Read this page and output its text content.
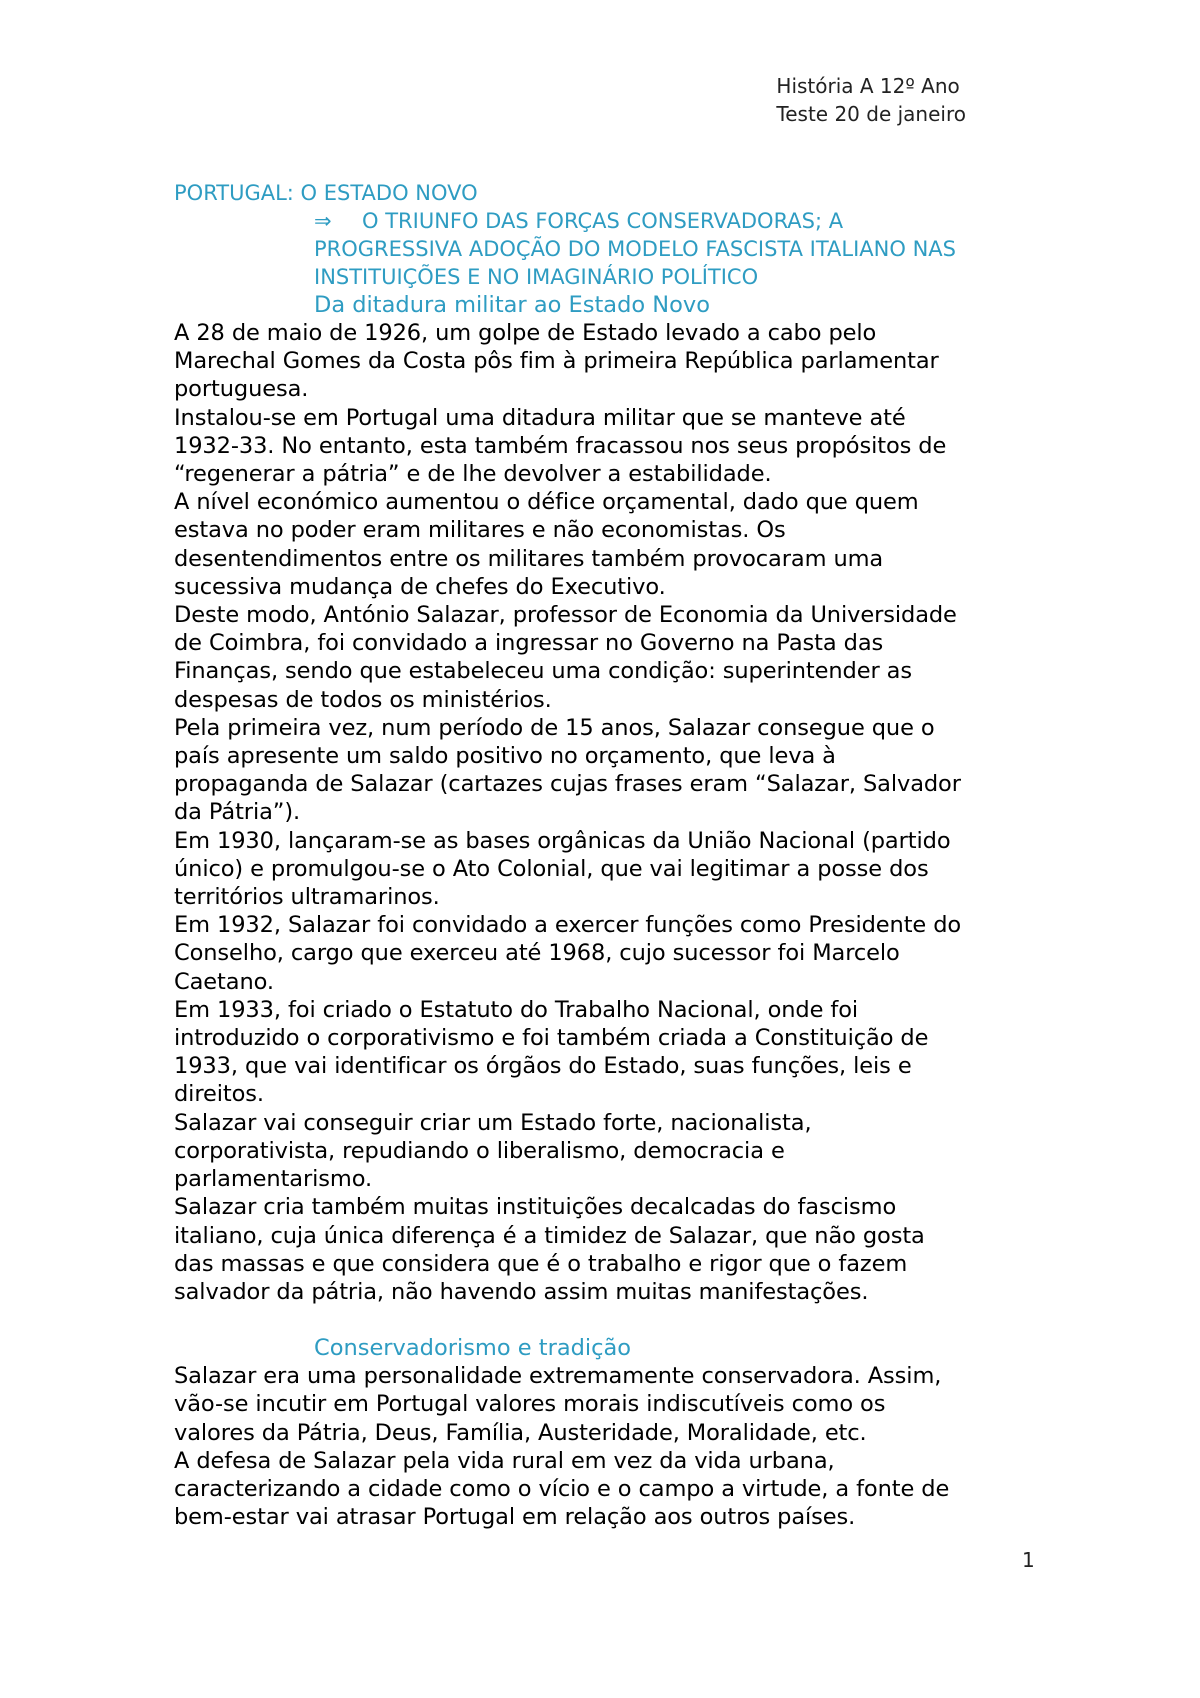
História A 12º Ano
Teste 20 de janeiro
PORTUGAL: O ESTADO NOVO
⇒ O TRIUNFO DAS FORÇAS CONSERVADORAS; A
PROGRESSIVA ADOÇÃO DO MODELO FASCISTA ITALIANO NAS
INSTITUIÇÕES E NO IMAGINÁRIO POLÍTICO
Da ditadura militar ao Estado Novo
A 28 de maio de 1926, um golpe de Estado levado a cabo pelo
Marechal Gomes da Costa pôs fim à primeira República parlamentar
portuguesa.
Instalou-se em Portugal uma ditadura militar que se manteve até
1932-33. No entanto, esta também fracassou nos seus propósitos de
“regenerar a pátria” e de lhe devolver a estabilidade.
A nível económico aumentou o défice orçamental, dado que quem
estava no poder eram militares e não economistas. Os
desentendimentos entre os militares também provocaram uma
sucessiva mudança de chefes do Executivo.
Deste modo, António Salazar, professor de Economia da Universidade
de Coimbra, foi convidado a ingressar no Governo na Pasta das
Finanças, sendo que estabeleceu uma condição: superintender as
despesas de todos os ministérios.
Pela primeira vez, num período de 15 anos, Salazar consegue que o
país apresente um saldo positivo no orçamento, que leva à
propaganda de Salazar (cartazes cujas frases eram “Salazar, Salvador
da Pátria”).
Em 1930, lançaram-se as bases orgânicas da União Nacional (partido
único) e promulgou-se o Ato Colonial, que vai legitimar a posse dos
territórios ultramarinos.
Em 1932, Salazar foi convidado a exercer funções como Presidente do
Conselho, cargo que exerceu até 1968, cujo sucessor foi Marcelo
Caetano.
Em 1933, foi criado o Estatuto do Trabalho Nacional, onde foi
introduzido o corporativismo e foi também criada a Constituição de
1933, que vai identificar os órgãos do Estado, suas funções, leis e
direitos.
Salazar vai conseguir criar um Estado forte, nacionalista,
corporativista, repudiando o liberalismo, democracia e
parlamentarismo.
Salazar cria também muitas instituições decalcadas do fascismo
italiano, cuja única diferença é a timidez de Salazar, que não gosta
das massas e que considera que é o trabalho e rigor que o fazem
salvador da pátria, não havendo assim muitas manifestações.
Conservadorismo e tradição
Salazar era uma personalidade extremamente conservadora. Assim,
vão-se incutir em Portugal valores morais indiscutíveis como os
valores da Pátria, Deus, Família, Austeridade, Moralidade, etc.
A defesa de Salazar pela vida rural em vez da vida urbana,
caracterizando a cidade como o vício e o campo a virtude, a fonte de
bem-estar vai atrasar Portugal em relação aos outros países.
1
